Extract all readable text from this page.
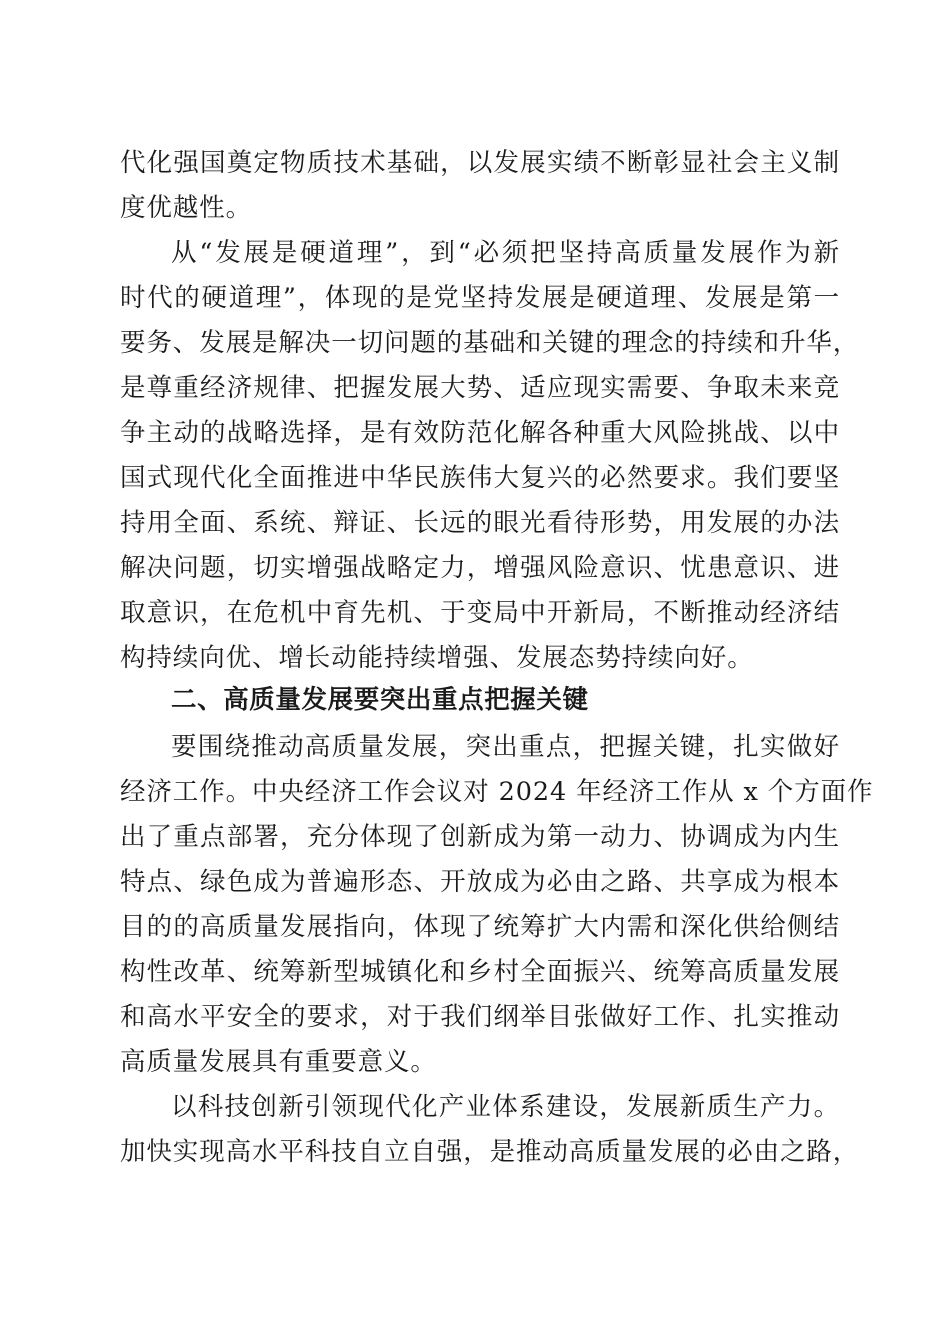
代化强国奠定物质技术基础，以发展实绩不断彰显社会主义制
度优越性。
从“发展是硬道理”，到“必须把坚持高质量发展作为新
时代的硬道理”，体现的是党坚持发展是硬道理、发展是第一
要务、发展是解决一切问题的基础和关键的理念的持续和升华，
是尊重经济规律、把握发展大势、适应现实需要、争取未来竞
争主动的战略选择，是有效防范化解各种重大风险挑战、以中
国式现代化全面推进中华民族伟大复兴的必然要求。我们要坚
持用全面、系统、辩证、长远的眼光看待形势，用发展的办法
解决问题，切实增强战略定力，增强风险意识、忧患意识、进
取意识，在危机中育先机、于变局中开新局，不断推动经济结
构持续向优、增长动能持续增强、发展态势持续向好。
二、高质量发展要突出重点把握关键
要围绕推动高质量发展，突出重点，把握关键，扎实做好
经济工作。中央经济工作会议对 2024 年经济工作从 x 个方面作
出了重点部署，充分体现了创新成为第一动力、协调成为内生
特点、绿色成为普遍形态、开放成为必由之路、共享成为根本
目的的高质量发展指向，体现了统筹扩大内需和深化供给侧结
构性改革、统筹新型城镇化和乡村全面振兴、统筹高质量发展
和高水平安全的要求，对于我们纲举目张做好工作、扎实推动
高质量发展具有重要意义。
以科技创新引领现代化产业体系建设，发展新质生产力。
加快实现高水平科技自立自强，是推动高质量发展的必由之路，
